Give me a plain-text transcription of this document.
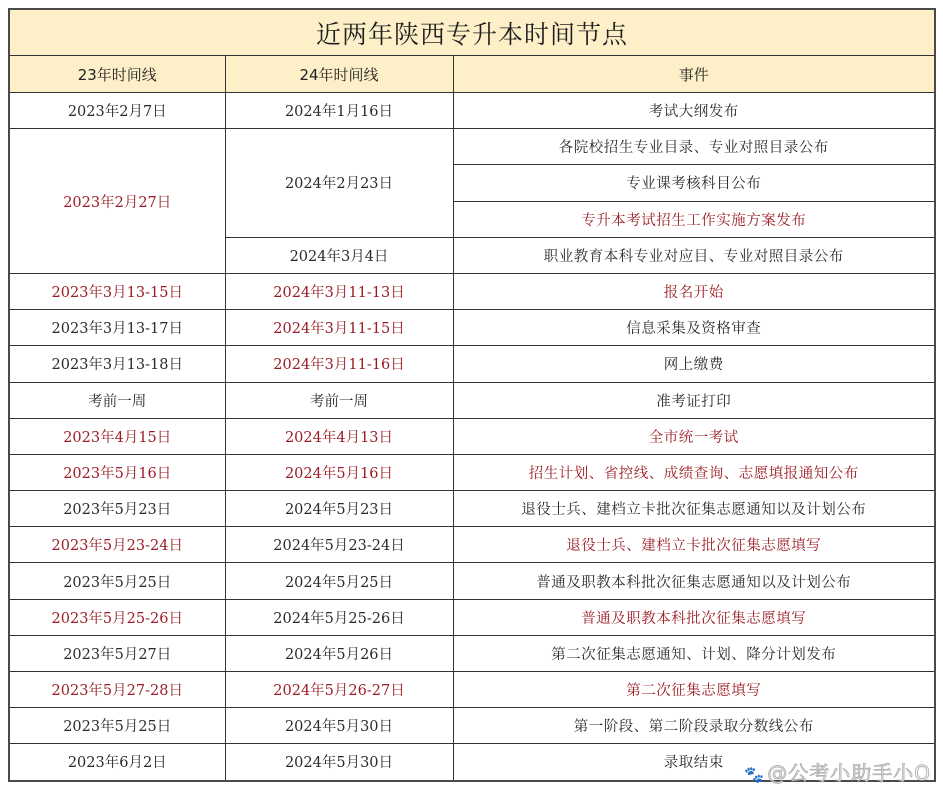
近两年陕西专升本时间节点		
23年时间线	24年时间线	事件
2023年2月7日	2024年1月16日	考试大纲发布
2023年2月27日	2024年2月23日	各院校招生专业目录、专业对照目录公布
		专业课考核科目公布
		专升本考试招生工作实施方案发布
	2024年3月4日	职业教育本科专业对应目、专业对照目录公布
2023年3月13-15日	2024年3月11-13日	报名开始
2023年3月13-17日	2024年3月11-15日	信息采集及资格审查
2023年3月13-18日	2024年3月11-16日	网上缴费
考前一周	考前一周	准考证打印
2023年4月15日	2024年4月13日	全市统一考试
2023年5月16日	2024年5月16日	招生计划、省控线、成绩查询、志愿填报通知公布
2023年5月23日	2024年5月23日	退役士兵、建档立卡批次征集志愿通知以及计划公布
2023年5月23-24日	2024年5月23-24日	退役士兵、建档立卡批次征集志愿填写
2023年5月25日	2024年5月25日	普通及职教本科批次征集志愿通知以及计划公布
2023年5月25-26日	2024年5月25-26日	普通及职教本科批次征集志愿填写
2023年5月27日	2024年5月26日	第二次征集志愿通知、计划、降分计划发布
2023年5月27-28日	2024年5月26-27日	第二次征集志愿填写
2023年5月25日	2024年5月30日	第一阶段、第二阶段录取分数线公布
2023年6月2日	2024年5月30日	录取结束
🐾 @公考小助手小O
